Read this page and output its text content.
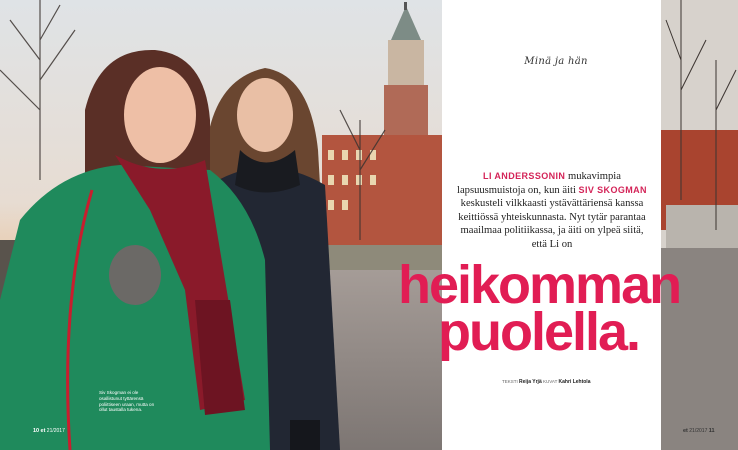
Minä ja hän

LI ANDERSSONIN mukavimpia lapsuusmuistoja on, kun äiti SIV SKOGMAN keskusteli vilkkaasti ystävättäriensä kanssa keittiössä yhteiskunnasta. Nyt tytär parantaa maailmaa politiikassa, ja äiti on ylpeä siitä, että Li on

heikomman
puolella.
TEKSTI Reija Yrjä KUVAT Kahri Lehtola
Siv Skogman ei ole osallistunut tyttärensä poliittiseen uraan, mutta on ollut taustalla tukena.
10 et 21/2017	et 21/2017 11
